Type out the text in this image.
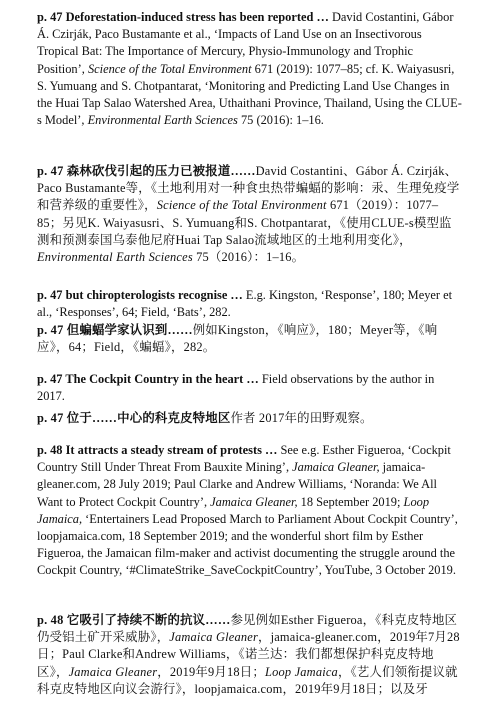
p. 47 Deforestation-induced stress has been reported … David Costantini, Gábor Á. Czirják, Paco Bustamante et al., ‘Impacts of Land Use on an Insectivorous Tropical Bat: The Importance of Mercury, Physio-Immunology and Trophic Position’, Science of the Total Environment 671 (2019): 1077–85; cf. K. Waiyasusri, S. Yumuang and S. Chotpantarat, ‘Monitoring and Predicting Land Use Changes in the Huai Tap Salao Watershed Area, Uthaithani Province, Thailand, Using the CLUE-s Model’, Environmental Earth Sciences 75 (2016): 1–16.

p. 47 森林砍伐引起的压力已被报道……David Costantini、Gábor Á. Czirják、Paco Bustamante等，《土地利用对一种食虫热带蝙蝠的影响：汞、生理免疫学和营养级的重要性》，Science of the Total Environment 671（2019）：1077–85；另见K. Waiyasusri、S. Yumuang和S. Chotpantarat，《使用CLUE-s模型监测和预测泰国乌泰他尼府Huai Tap Salao流域地区的土地利用变化》，Environmental Earth Sciences 75（2016）：1–16。

p. 47 but chiropterologists recognise … E.g. Kingston, ‘Response’, 180; Meyer et al., ‘Responses’, 64; Field, ‘Bats’, 282.

p. 47 但蝙蝠学家认识到……例如Kingston，《响应》，180；Meyer等，《响应》，64；Field，《蝙蝠》，282。

p. 47 The Cockpit Country in the heart … Field observations by the author in 2017.

p. 47 位于……中心的科克皮特地区作者 2017年的田野观察。

p. 48 It attracts a steady stream of protests … See e.g. Esther Figueroa, ‘Cockpit Country Still Under Threat From Bauxite Mining’, Jamaica Gleaner, jamaica-gleaner.com, 28 July 2019; Paul Clarke and Andrew Williams, ‘Noranda: We All Want to Protect Cockpit Country’, Jamaica Gleaner, 18 September 2019; Loop Jamaica, ‘Entertainers Lead Proposed March to Parliament About Cockpit Country’, loopjamaica.com, 18 September 2019; and the wonderful short film by Esther Figueroa, the Jamaican film-maker and activist documenting the struggle around the Cockpit Country, ‘#ClimateStrike_SaveCockpitCountry’, YouTube, 3 October 2019.

p. 48 它吸引了持续不断的抗议……参见例如Esther Figueroa，《科克皮特地区仍受铝土矿开采威胁》，Jamaica Gleaner，jamaica-gleaner.com，2019年7月28日；Paul Clarke和Andrew Williams，《诺兰达：我们都想保护科克皮特地区》，Jamaica Gleaner，2019年9月18日；Loop Jamaica，《艺人们领衔提议就科克皮特地区向议会游行》，loopjamaica.com，2019年9月18日；以及牙
